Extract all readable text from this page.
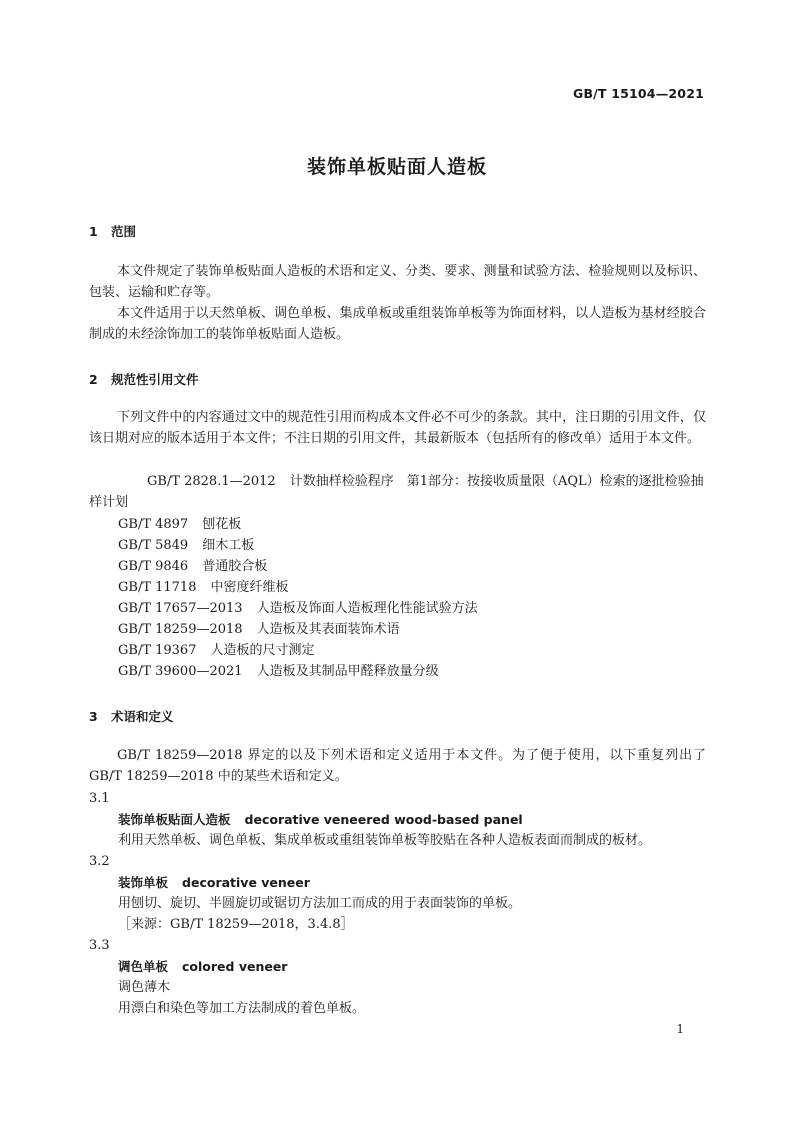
GB/T 15104—2021
装饰单板贴面人造板
1 范围

本文件规定了装饰单板贴面人造板的术语和定义、分类、要求、测量和试验方法、检验规则以及标识、包装、运输和贮存等。

本文件适用于以天然单板、调色单板、集成单板或重组装饰单板等为饰面材料，以人造板为基材经胶合制成的未经涂饰加工的装饰单板贴面人造板。

2 规范性引用文件

下列文件中的内容通过文中的规范性引用而构成本文件必不可少的条款。其中，注日期的引用文件，仅该日期对应的版本适用于本文件；不注日期的引用文件，其最新版本（包括所有的修改单）适用于本文件。

GB/T 2828.1—2012 计数抽样检验程序　第1部分：按接收质量限（AQL）检索的逐批检验抽样计划

GB/T 4897 刨花板
GB/T 5849 细木工板
GB/T 9846 普通胶合板
GB/T 11718 中密度纤维板
GB/T 17657—2013 人造板及饰面人造板理化性能试验方法
GB/T 18259—2018 人造板及其表面装饰术语
GB/T 19367 人造板的尺寸测定
GB/T 39600—2021 人造板及其制品甲醛释放量分级
3 术语和定义

GB/T 18259—2018 界定的以及下列术语和定义适用于本文件。为了便于使用，以下重复列出了GB/T 18259—2018 中的某些术语和定义。

3.1
装饰单板贴面人造板 decorative veneered wood-based panel
利用天然单板、调色单板、集成单板或重组装饰单板等胶贴在各种人造板表面而制成的板材。
3.2
装饰单板 decorative veneer
用刨切、旋切、半圆旋切或锯切方法加工而成的用于表面装饰的单板。
［来源：GB/T 18259—2018，3.4.8］
3.3
调色单板 colored veneer
调色薄木
用漂白和染色等加工方法制成的着色单板。
1
